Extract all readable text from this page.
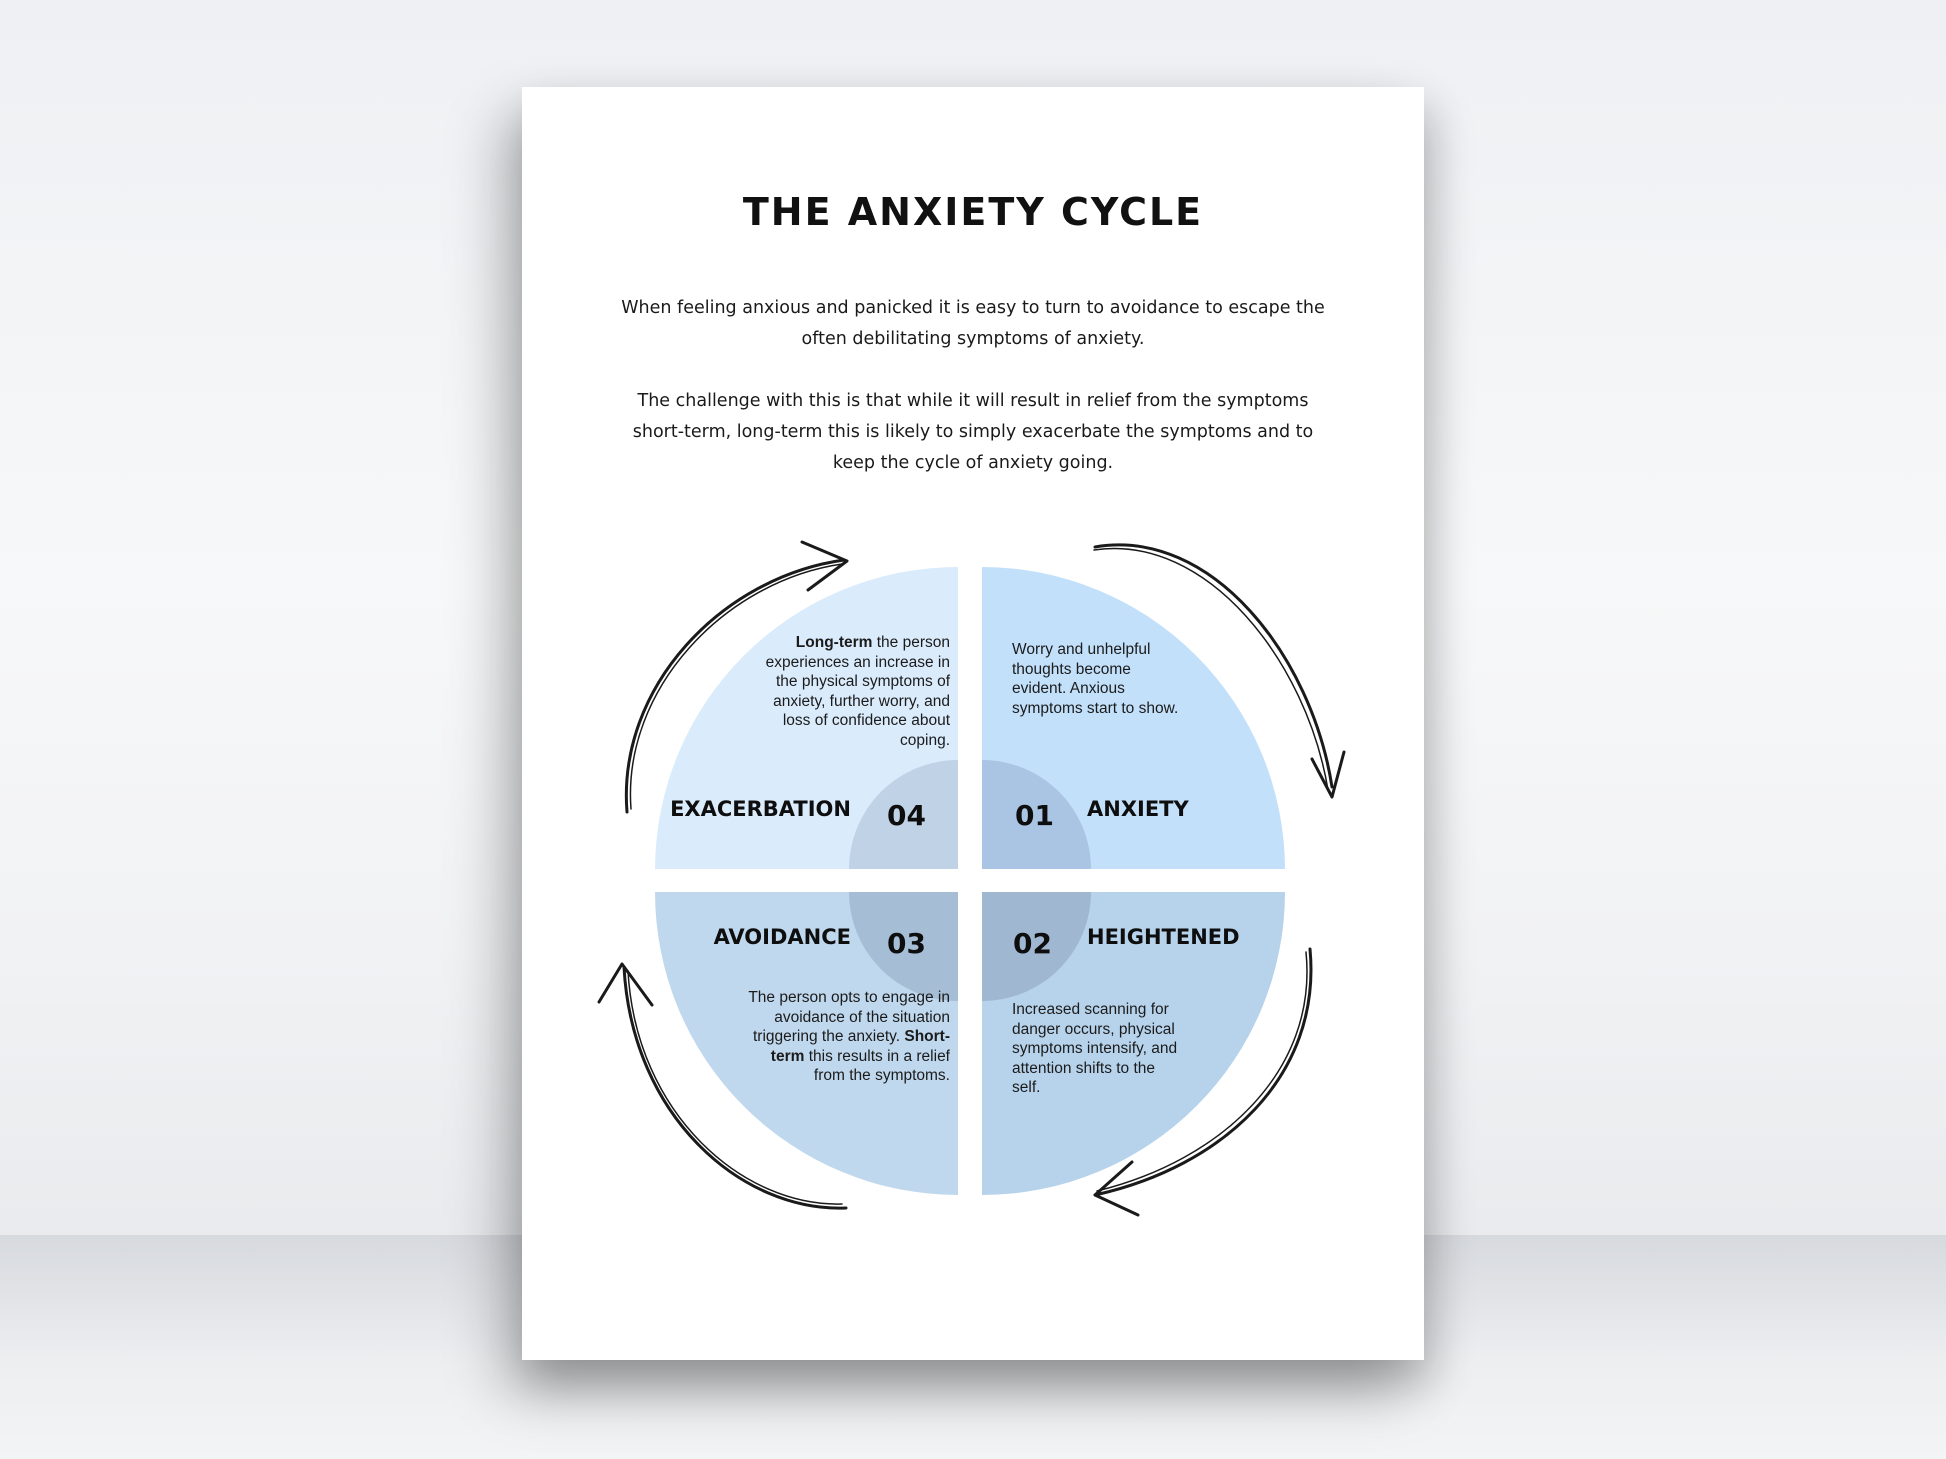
THE ANXIETY CYCLE
When feeling anxious and panicked it is easy to turn to avoidance to escape the often debilitating symptoms of anxiety.
The challenge with this is that while it will result in relief from the symptoms short-term, long-term this is likely to simply exacerbate the symptoms and to keep the cycle of anxiety going.
ANXIETY
01
HEIGHTENED
02
AVOIDANCE 03
EXACERBATION 04
Worry and unhelpful thoughts become evident. Anxious symptoms start to show.
Increased scanning for danger occurs, physical symptoms intensify, and attention shifts to the self.
The person opts to engage in avoidance of the situation triggering the anxiety. Short-term this results in a relief from the symptoms.
Long-term the person experiences an increase in the physical symptoms of anxiety, further worry, and loss of confidence about coping.
